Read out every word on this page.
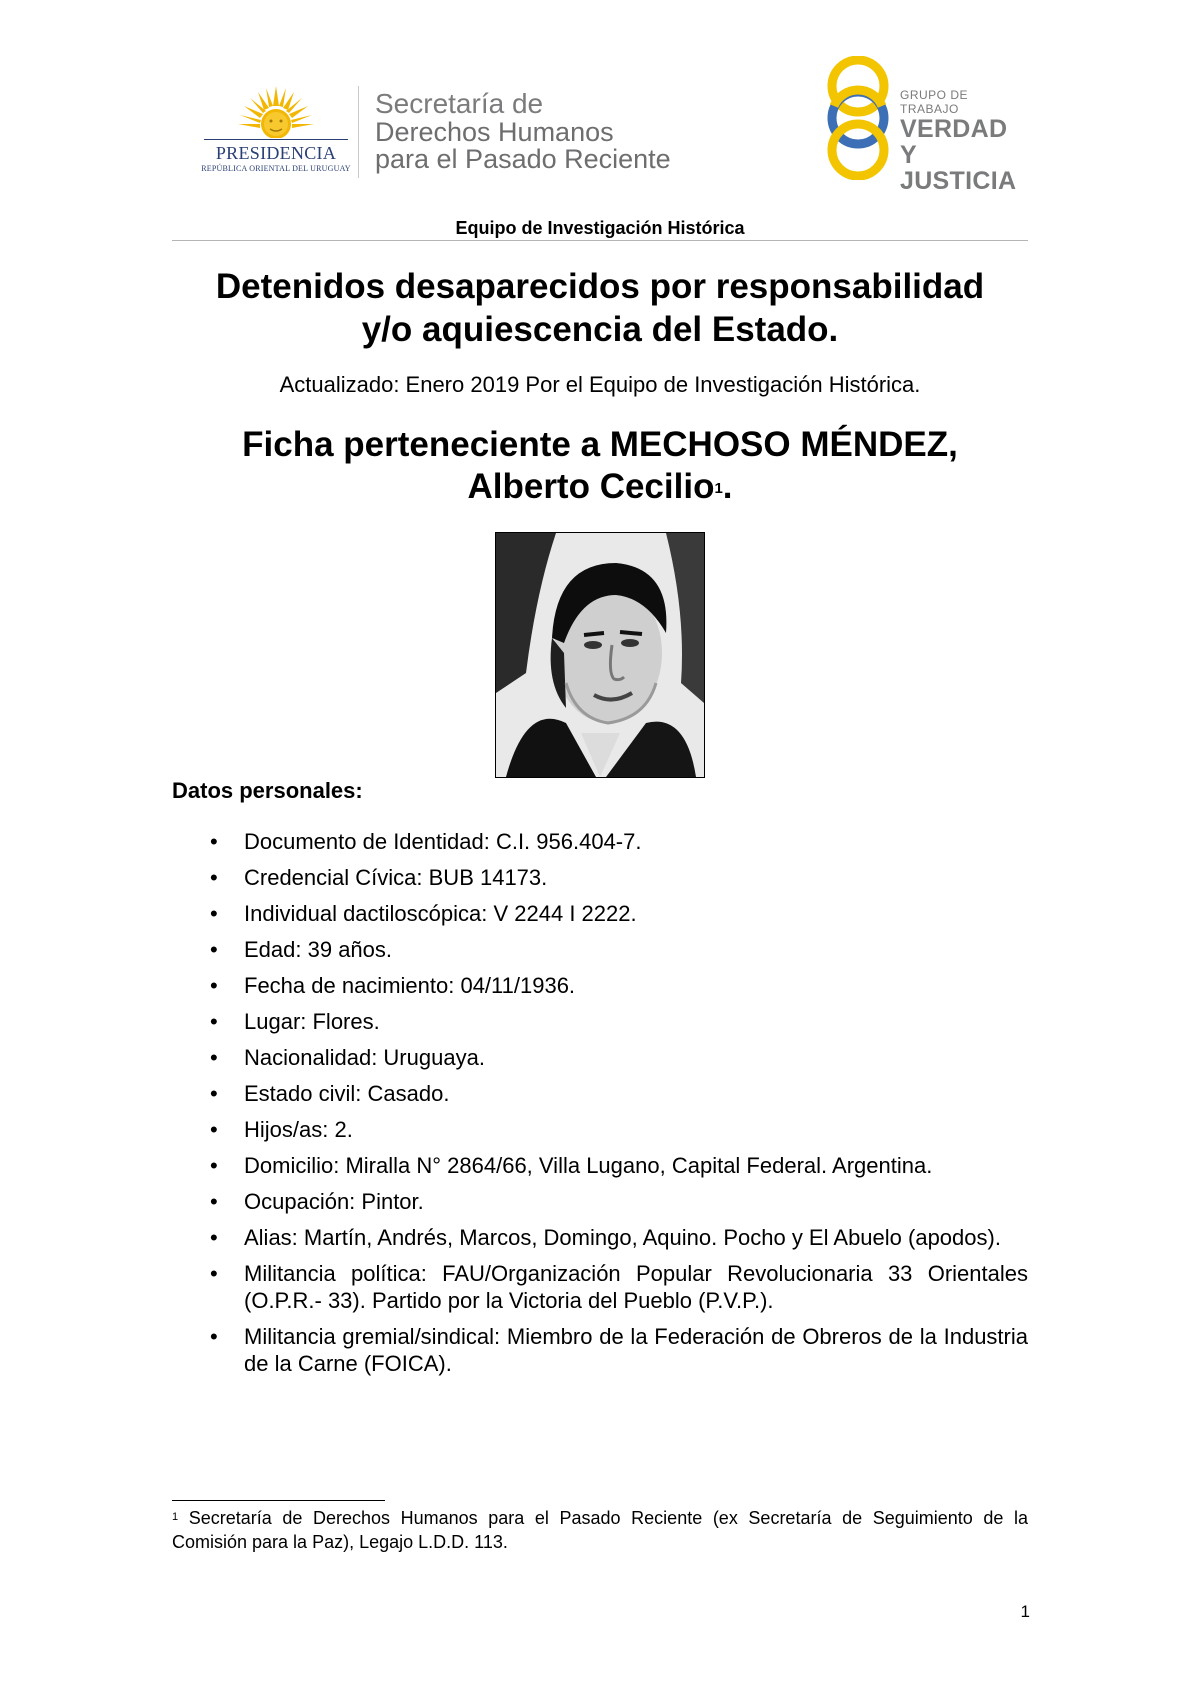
PRESIDENCIA
REPÚBLICA ORIENTAL DEL URUGUAY
Secretaría de
Derechos Humanos
para el Pasado Reciente
GRUPO DE TRABAJO
VERDAD Y
JUSTICIA
Equipo de Investigación Histórica
Detenidos desaparecidos por responsabilidad
y/o aquiescencia del Estado.
Actualizado: Enero 2019 Por el Equipo de Investigación Histórica.
Ficha perteneciente a MECHOSO MÉNDEZ,
Alberto Cecilio$^1$.
Datos personales:
• Documento de Identidad: C.I. 956.404-7.
• Credencial Cívica: BUB 14173.
• Individual dactiloscópica: V 2244 I 2222.
• Edad: 39 años.
• Fecha de nacimiento: 04/11/1936.
• Lugar: Flores.
• Nacionalidad: Uruguaya.
• Estado civil: Casado.
• Hijos/as: 2.
• Domicilio: Miralla N° 2864/66, Villa Lugano, Capital Federal. Argentina.
• Ocupación: Pintor.
• Alias: Martín, Andrés, Marcos, Domingo, Aquino. Pocho y El Abuelo (apodos).
• Militancia política: FAU/Organización Popular Revolucionaria 33 Orientales (O.P.R.- 33). Partido por la Victoria del Pueblo (P.V.P.).
• Militancia gremial/sindical: Miembro de la Federación de Obreros de la Industria de la Carne (FOICA).
$^1$ Secretaría de Derechos Humanos para el Pasado Reciente (ex Secretaría de Seguimiento de la Comisión para la Paz), Legajo L.D.D. 113.
1
